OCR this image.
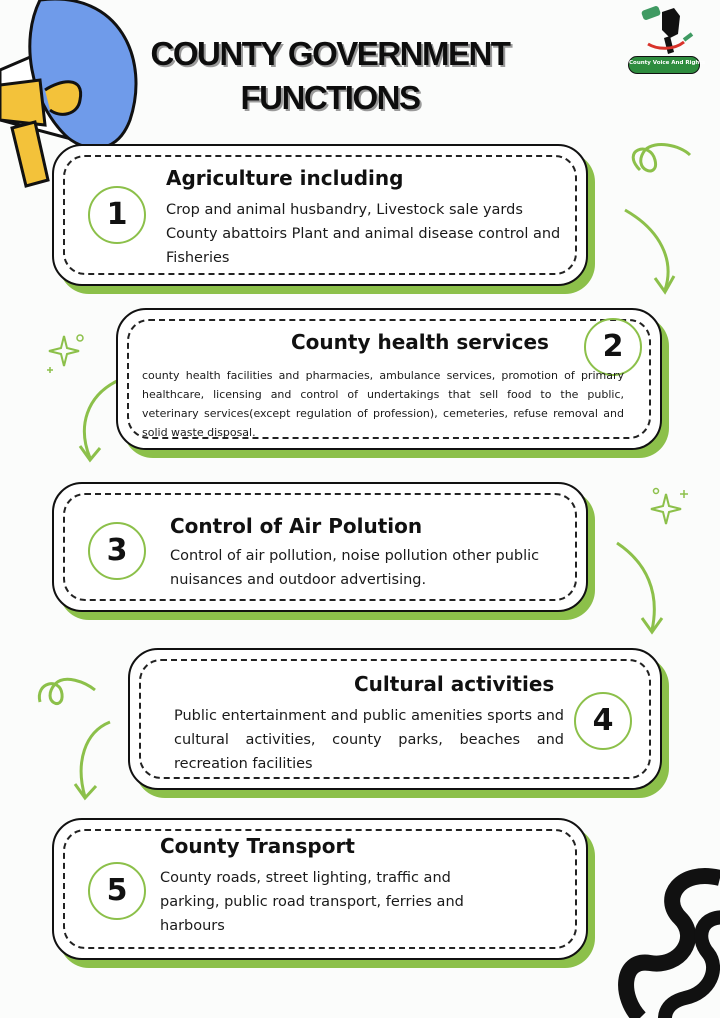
COUNTY GOVERNMENT
FUNCTIONS
County Voice And Rights
1
Agriculture including
Crop and animal husbandry, Livestock sale yards County abattoirs Plant and animal disease control and Fisheries
2
County health services
county health facilities and pharmacies, ambulance services, promotion of primary healthcare, licensing and control of undertakings that sell food to the public, veterinary services(except regulation of profession), cemeteries, refuse removal and solid waste disposal.
3
Control of Air Polution
Control of air pollution, noise pollution other public nuisances and outdoor advertising.
4
Cultural activities
Public entertainment and public amenities sports and cultural activities, county parks, beaches and recreation facilities
5
County Transport
County roads, street lighting, traffic and parking, public road transport, ferries and harbours
